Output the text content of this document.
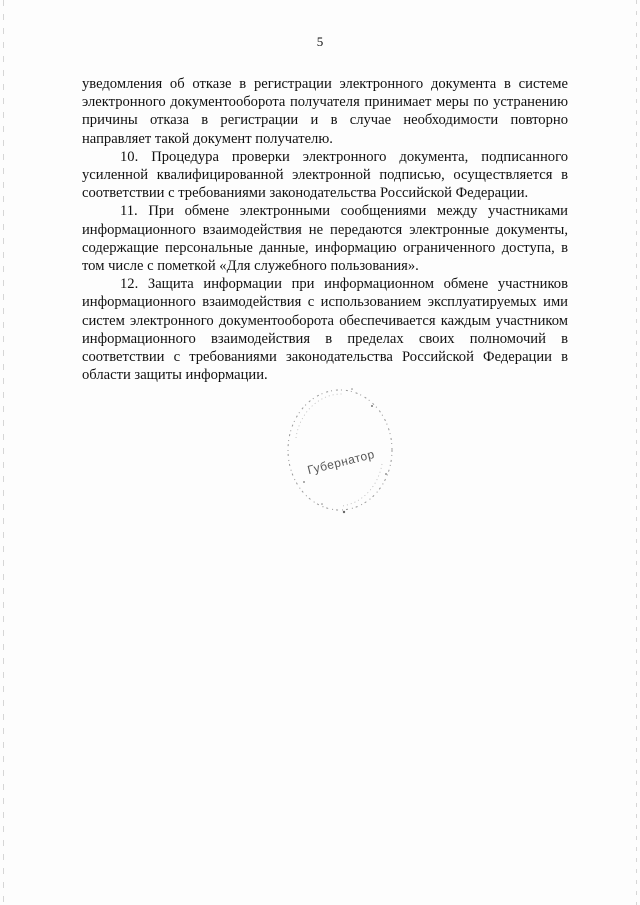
5

уведомления об отказе в регистрации электронного документа в системе электронного документооборота получателя принимает меры по устранению причины отказа в регистрации и в случае необходимости повторно направляет такой документ получателю.

10. Процедура проверки электронного документа, подписанного усиленной квалифицированной электронной подписью, осуществляется в соответствии с требованиями законодательства Российской Федерации.

11. При обмене электронными сообщениями между участниками информационного взаимодействия не передаются электронные документы, содержащие персональные данные, информацию ограниченного доступа, в том числе с пометкой «Для служебного пользования».

12. Защита информации при информационном обмене участников информационного взаимодействия с использованием эксплуатируемых ими систем электронного документооборота обеспечивается каждым участником информационного взаимодействия в пределах своих полномочий в соответствии с требованиями законодательства Российской Федерации в области защиты информации.

Губернатор
